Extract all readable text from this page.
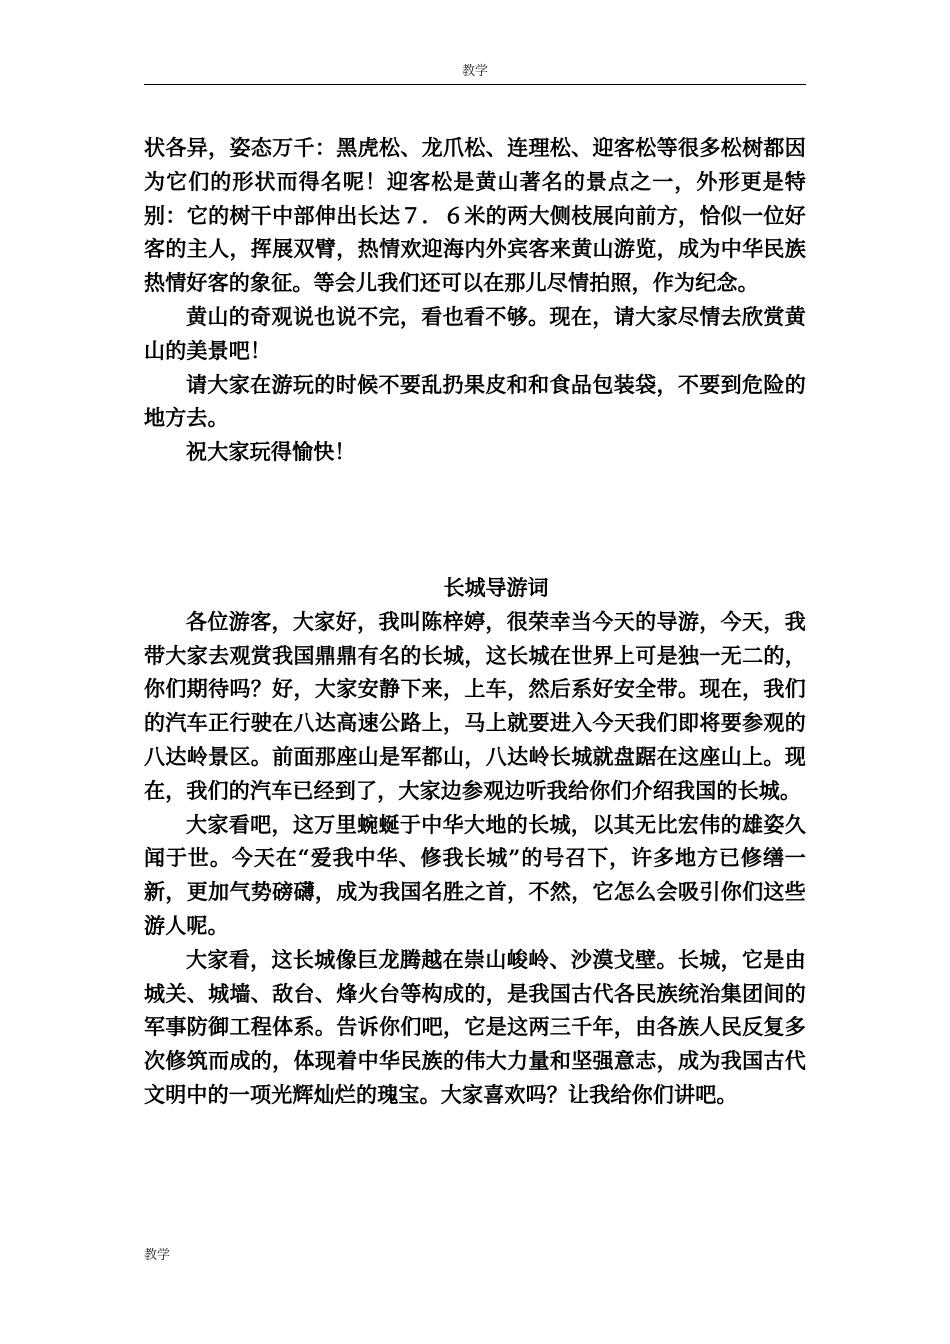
教学

状各异，姿态万千：黑虎松、龙爪松、连理松、迎客松等很多松树都因为它们的形状而得名呢！迎客松是黄山著名的景点之一，外形更是特别：它的树干中部伸出长达７．６米的两大侧枝展向前方，恰似一位好客的主人，挥展双臂，热情欢迎海内外宾客来黄山游览，成为中华民族热情好客的象征。等会儿我们还可以在那儿尽情拍照，作为纪念。

黄山的奇观说也说不完，看也看不够。现在，请大家尽情去欣赏黄山的美景吧！

请大家在游玩的时候不要乱扔果皮和和食品包装袋，不要到危险的地方去。

祝大家玩得愉快！

长城导游词

各位游客，大家好，我叫陈梓婷，很荣幸当今天的导游，今天，我带大家去观赏我国鼎鼎有名的长城，这长城在世界上可是独一无二的，你们期待吗？好，大家安静下来，上车，然后系好安全带。现在，我们的汽车正行驶在八达高速公路上，马上就要进入今天我们即将要参观的八达岭景区。前面那座山是军都山，八达岭长城就盘踞在这座山上。现在，我们的汽车已经到了，大家边参观边听我给你们介绍我国的长城。

大家看吧，这万里蜿蜒于中华大地的长城，以其无比宏伟的雄姿久闻于世。今天在“爱我中华、修我长城”的号召下，许多地方已修缮一新，更加气势磅礴，成为我国名胜之首，不然，它怎么会吸引你们这些游人呢。

大家看，这长城像巨龙腾越在崇山峻岭、沙漠戈壁。长城，它是由城关、城墙、敌台、烽火台等构成的，是我国古代各民族统治集团间的军事防御工程体系。告诉你们吧，它是这两三千年，由各族人民反复多次修筑而成的，体现着中华民族的伟大力量和坚强意志，成为我国古代文明中的一项光辉灿烂的瑰宝。大家喜欢吗？让我给你们讲吧。

教学
